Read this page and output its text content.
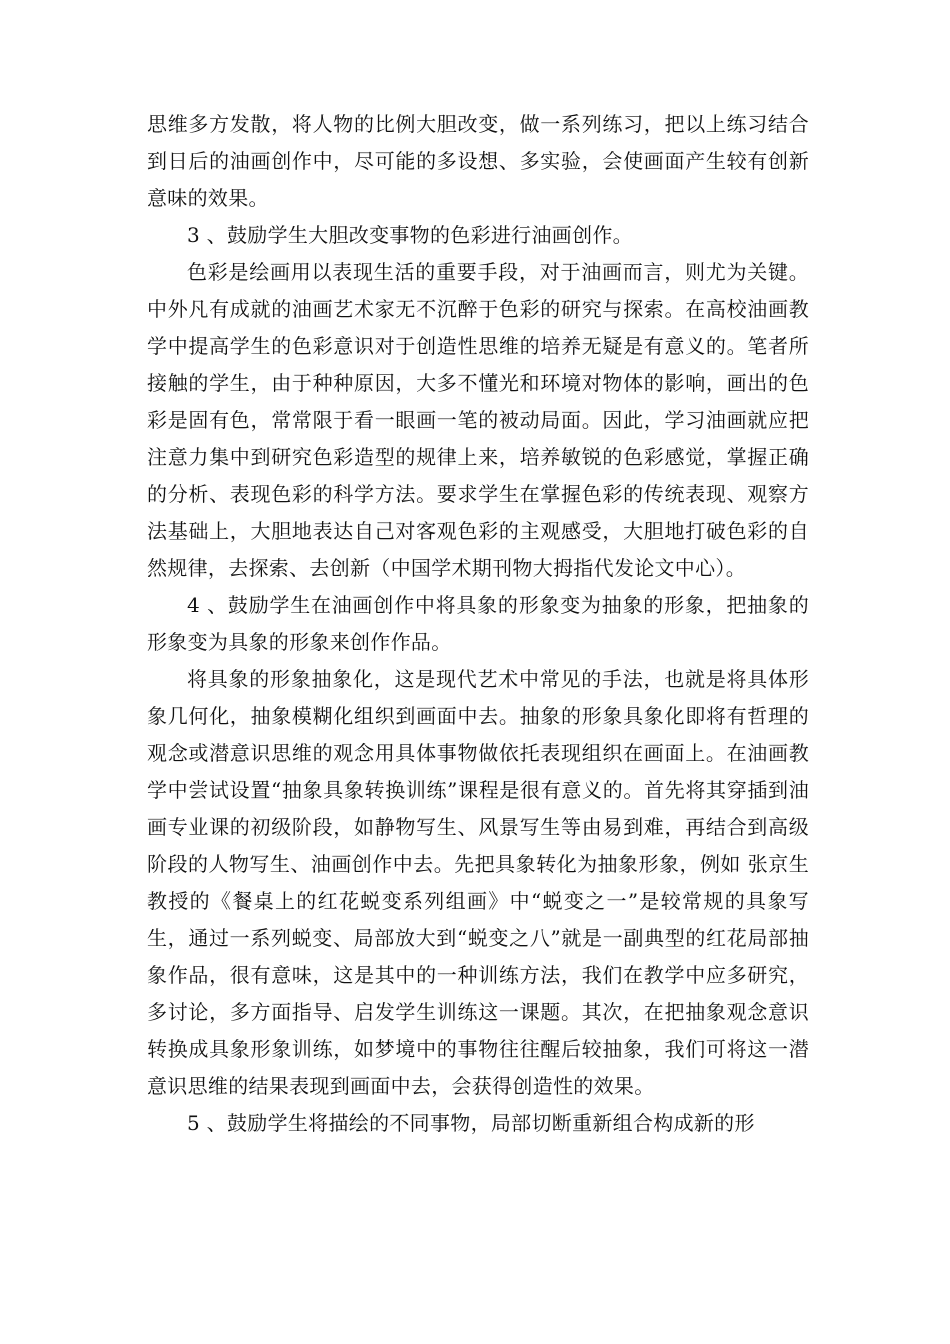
思维多方发散，将人物的比例大胆改变，做一系列练习，把以上练习结合到日后的油画创作中，尽可能的多设想、多实验，会使画面产生较有创新意味的效果。

3 、鼓励学生大胆改变事物的色彩进行油画创作。

色彩是绘画用以表现生活的重要手段，对于油画而言，则尤为关键。中外凡有成就的油画艺术家无不沉醉于色彩的研究与探索。在高校油画教学中提高学生的色彩意识对于创造性思维的培养无疑是有意义的。笔者所接触的学生，由于种种原因，大多不懂光和环境对物体的影响，画出的色彩是固有色，常常限于看一眼画一笔的被动局面。因此，学习油画就应把注意力集中到研究色彩造型的规律上来，培养敏锐的色彩感觉，掌握正确的分析、表现色彩的科学方法。要求学生在掌握色彩的传统表现、观察方法基础上，大胆地表达自己对客观色彩的主观感受，大胆地打破色彩的自然规律，去探索、去创新（中国学术期刊物大拇指代发论文中心）。

4 、鼓励学生在油画创作中将具象的形象变为抽象的形象，把抽象的形象变为具象的形象来创作作品。

将具象的形象抽象化，这是现代艺术中常见的手法，也就是将具体形象几何化，抽象模糊化组织到画面中去。抽象的形象具象化即将有哲理的观念或潜意识思维的观念用具体事物做依托表现组织在画面上。在油画教学中尝试设置“抽象具象转换训练”课程是很有意义的。首先将其穿插到油画专业课的初级阶段，如静物写生、风景写生等由易到难，再结合到高级阶段的人物写生、油画创作中去。先把具象转化为抽象形象，例如 张京生教授的《餐桌上的红花蜕变系列组画》中“蜕变之一”是较常规的具象写生，通过一系列蜕变、局部放大到“蜕变之八”就是一副典型的红花局部抽象作品，很有意味，这是其中的一种训练方法，我们在教学中应多研究，多讨论，多方面指导、启发学生训练这一课题。其次，在把抽象观念意识转换成具象形象训练，如梦境中的事物往往醒后较抽象，我们可将这一潜意识思维的结果表现到画面中去，会获得创造性的效果。

5 、鼓励学生将描绘的不同事物，局部切断重新组合构成新的形
